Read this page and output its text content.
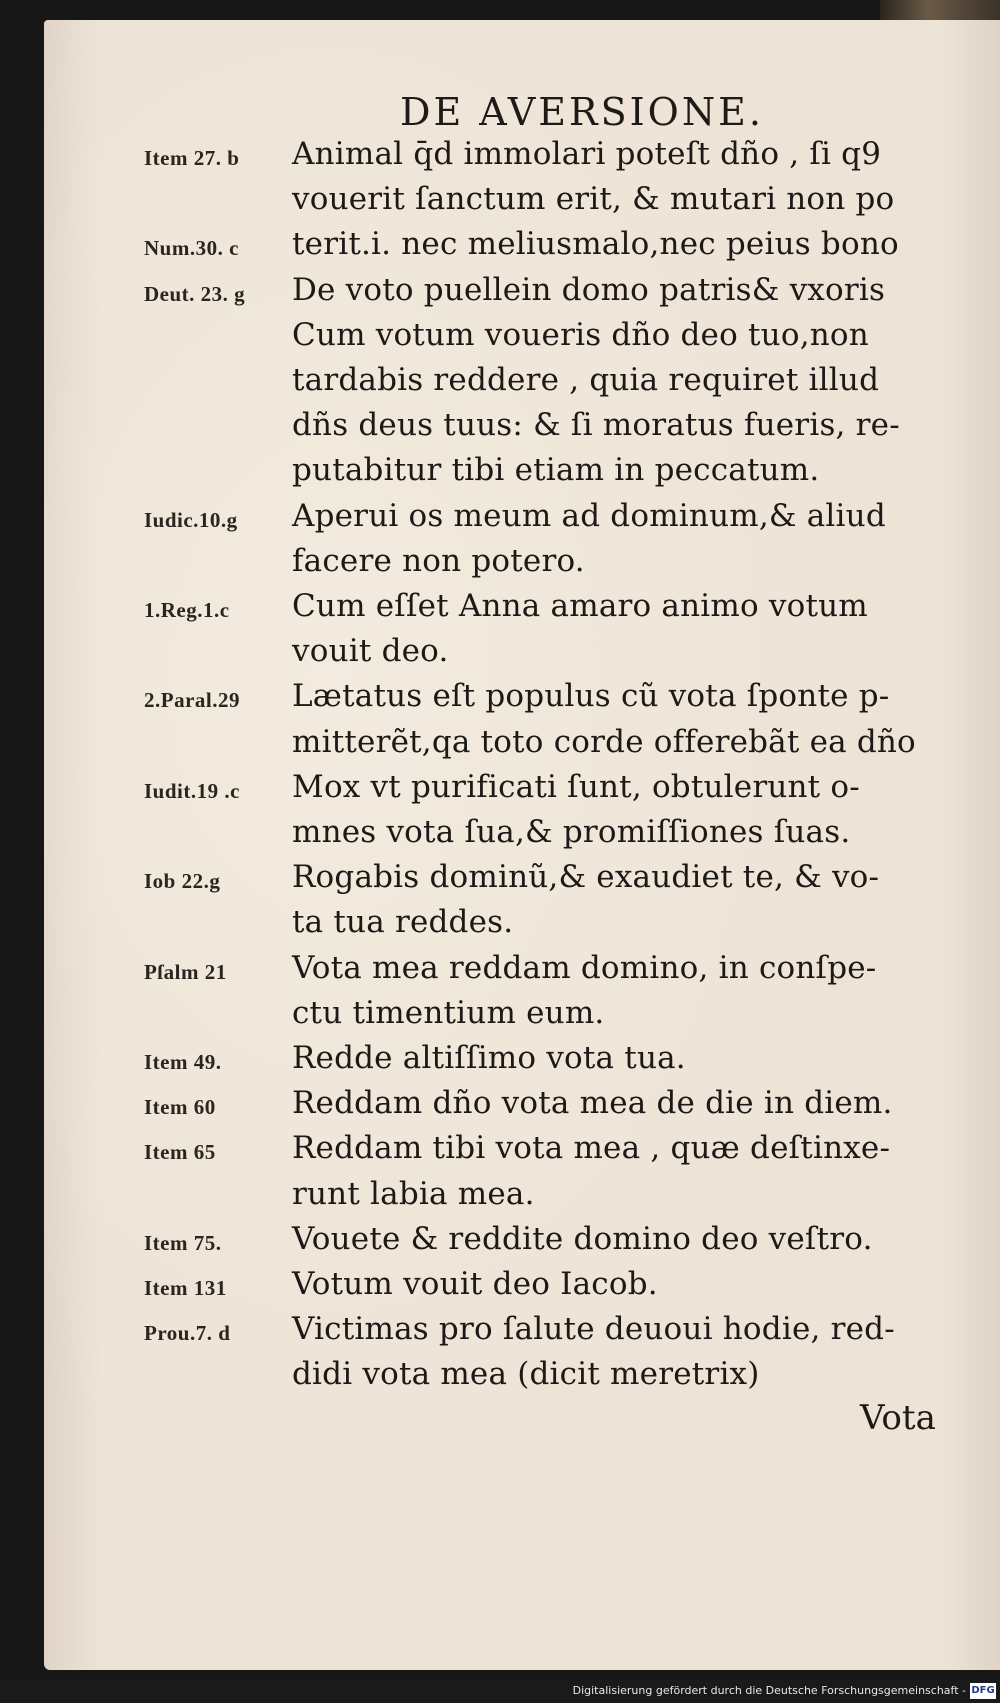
DE AVERSIONE.
Item 27. b Animal q̄d immolari poteſt dño , ſi q9
vouerit ſanctum erit, & mutari non po
Num.30. c terit.i. nec meliusmalo,nec peius bono
Deut. 23. g De voto puellein domo patris& vxoris
Cum votum voueris dño deo tuo,non
tardabis reddere , quia requiret illud
dñs deus tuus: & ſi moratus fueris, re-
putabitur tibi etiam in peccatum.
Iudic.10.g Aperui os meum ad dominum,& aliud
facere non potero.
1.Reg.1.c Cum eſſet Anna amaro animo votum
vouit deo.
2.Paral.29 Lætatus eſt populus cũ vota ſponte p-
mitterẽt,qa toto corde offerebãt ea dño
Iudit.19 .c Mox vt purificati ſunt, obtulerunt o-
mnes vota ſua,& promiſſiones ſuas.
Iob 22.g Rogabis dominũ,& exaudiet te, & vo-
ta tua reddes.
Pſalm 21 Vota mea reddam domino, in conſpe-
ctu timentium eum.
Item 49. Redde altiſſimo vota tua.
Item 60 Reddam dño vota mea de die in diem.
Item 65 Reddam tibi vota mea , quæ deſtinxe-
runt labia mea.
Item 75. Vouete & reddite domino deo veſtro.
Item 131 Votum vouit deo Iacob.
Prou.7. d Victimas pro ſalute deuoui hodie, red-
didi vota mea (dicit meretrix)
Vota
Digitalisierung gefördert durch die Deutsche Forschungsgemeinschaft - DFG
